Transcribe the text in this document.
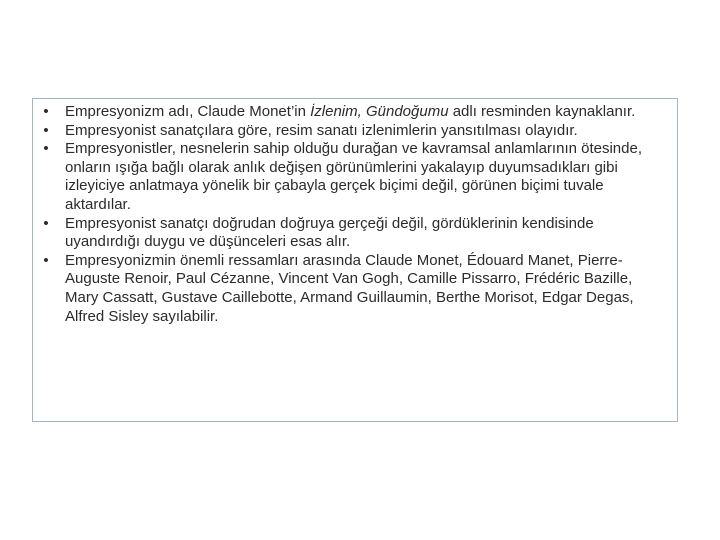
• Empresyonizm adı, Claude Monet’in İzlenim, Gündoğumu adlı resminden kaynaklanır.
• Empresyonist sanatçılara göre, resim sanatı izlenimlerin yansıtılması olayıdır.
• Empresyonistler, nesnelerin sahip olduğu durağan ve kavramsal anlamlarının ötesinde, onların ışığa bağlı olarak anlık değişen görünümlerini yakalayıp duyumsadıkları gibi izleyiciye anlatmaya yönelik bir çabayla gerçek biçimi değil, görünen biçimi tuvale aktardılar.
• Empresyonist sanatçı doğrudan doğruya gerçeği değil, gördüklerinin kendisinde uyandırdığı duygu ve düşünceleri esas alır.
• Empresyonizmin önemli ressamları arasında Claude Monet, Édouard Manet, Pierre-Auguste Renoir, Paul Cézanne, Vincent Van Gogh, Camille Pissarro, Frédéric Bazille, Mary Cassatt, Gustave Caillebotte, Armand Guillaumin, Berthe Morisot, Edgar Degas, Alfred Sisley sayılabilir.
